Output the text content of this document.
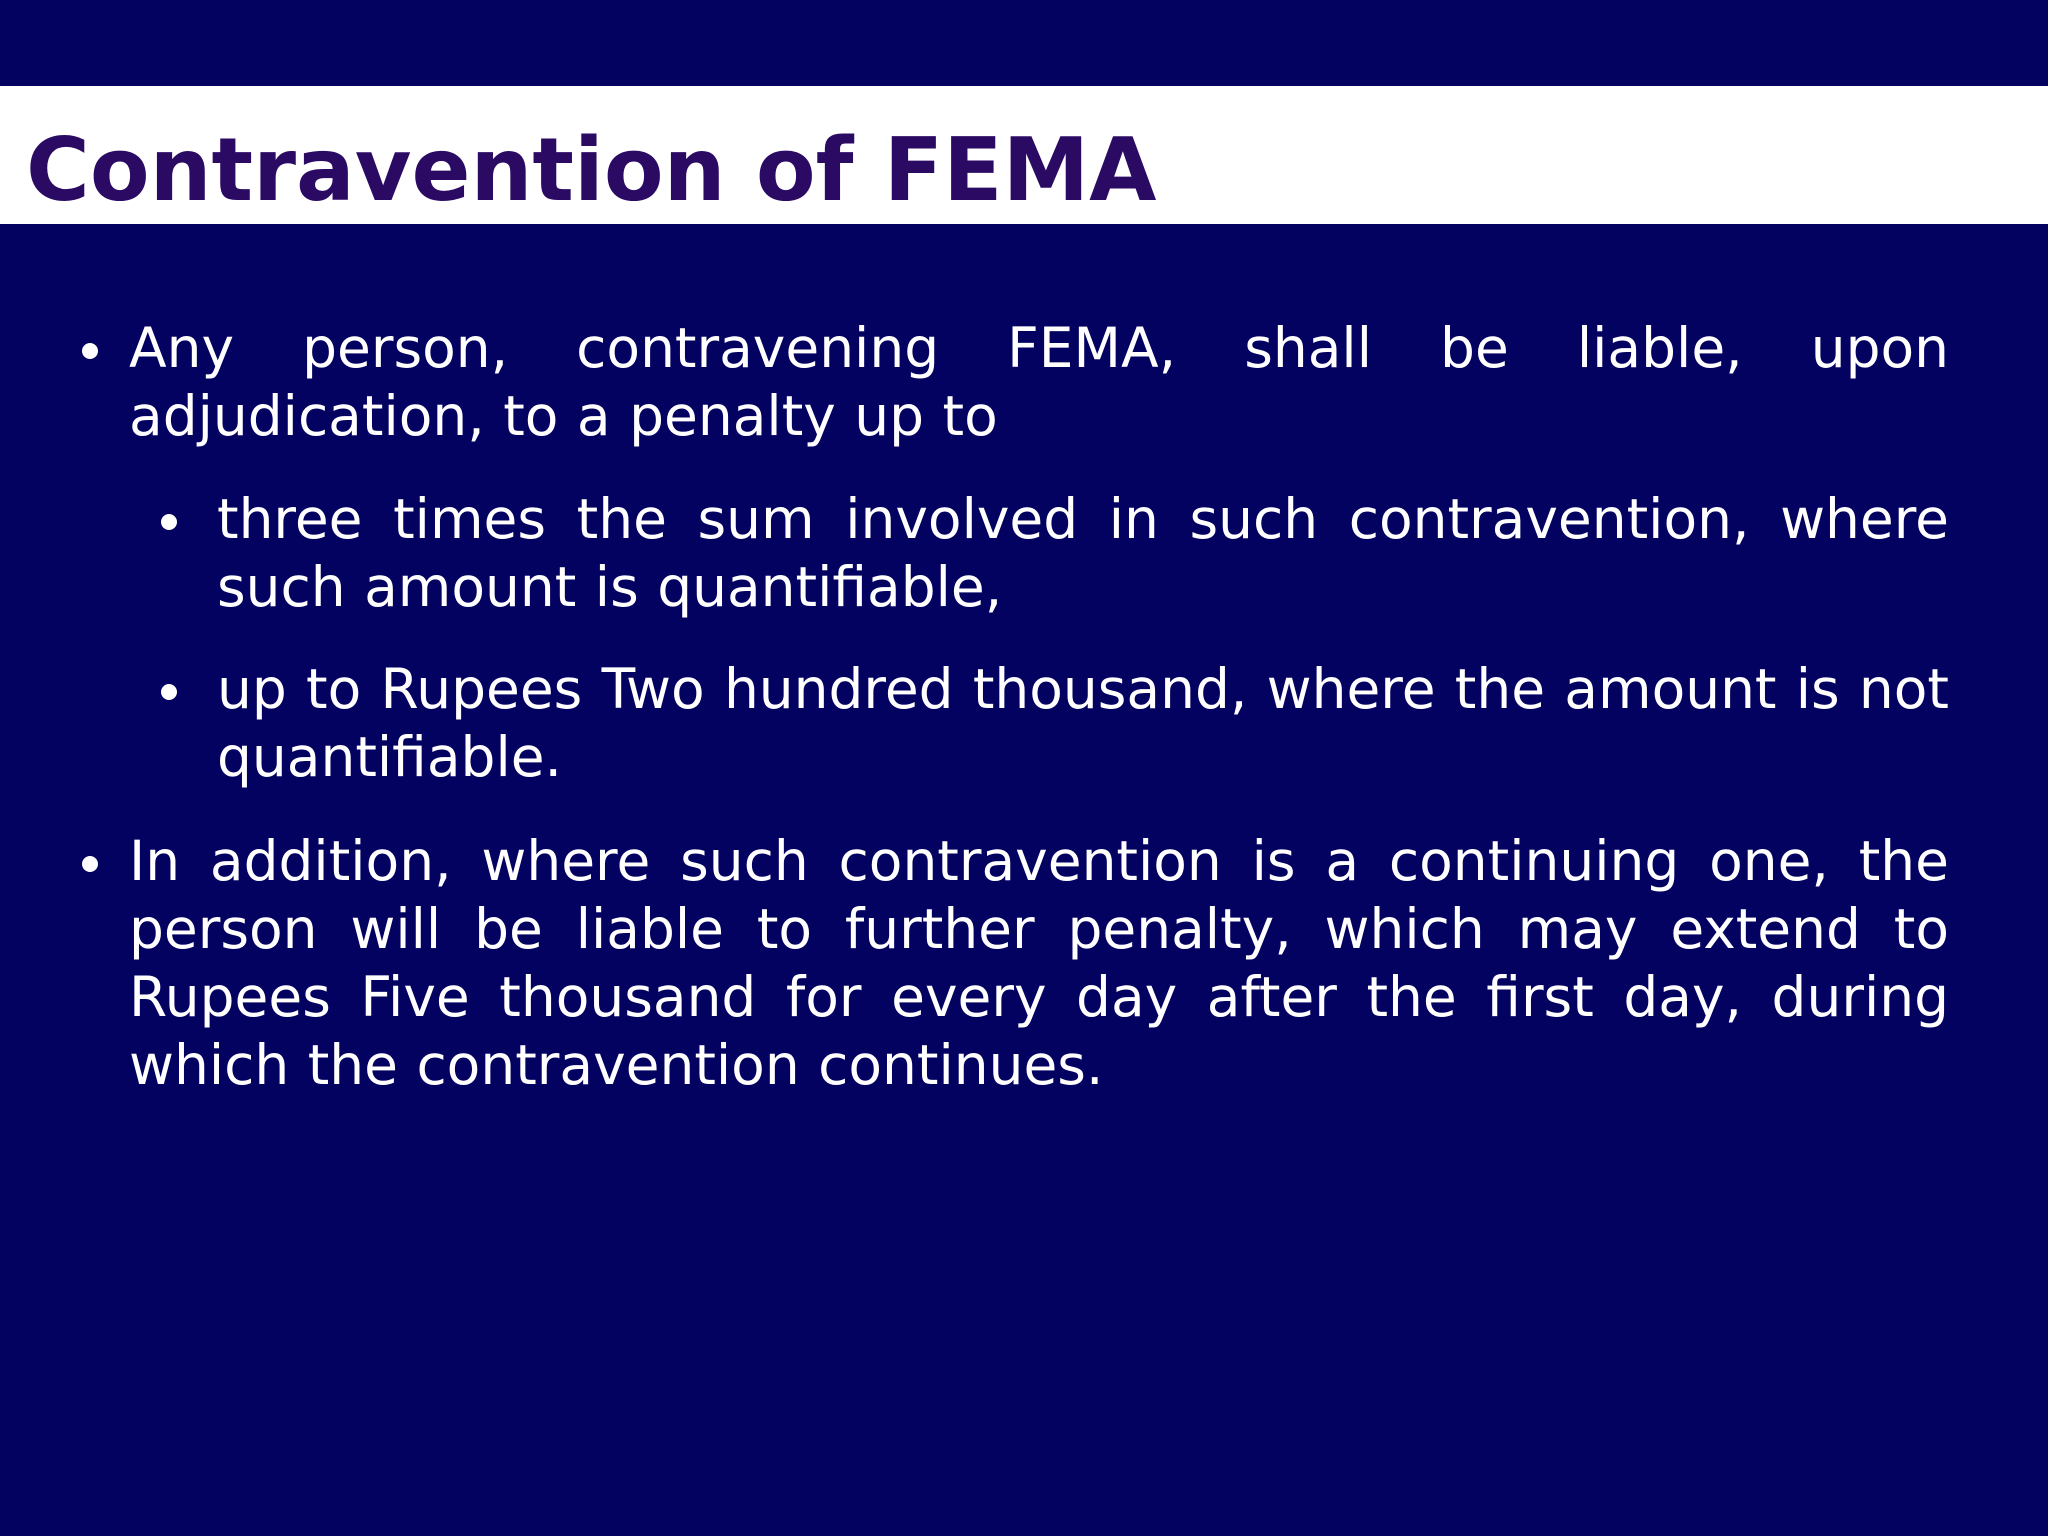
Contravention of FEMA
Any person, contravening FEMA, shall be liable, upon adjudication, to a penalty up to
three times the sum involved in such contravention, where such amount is quantifiable,
up to Rupees Two hundred thousand, where the amount is not quantifiable.
In addition, where such contravention is a continuing one, the person will be liable to further penalty, which may extend to Rupees Five thousand for every day after the first day, during which the contravention continues.
